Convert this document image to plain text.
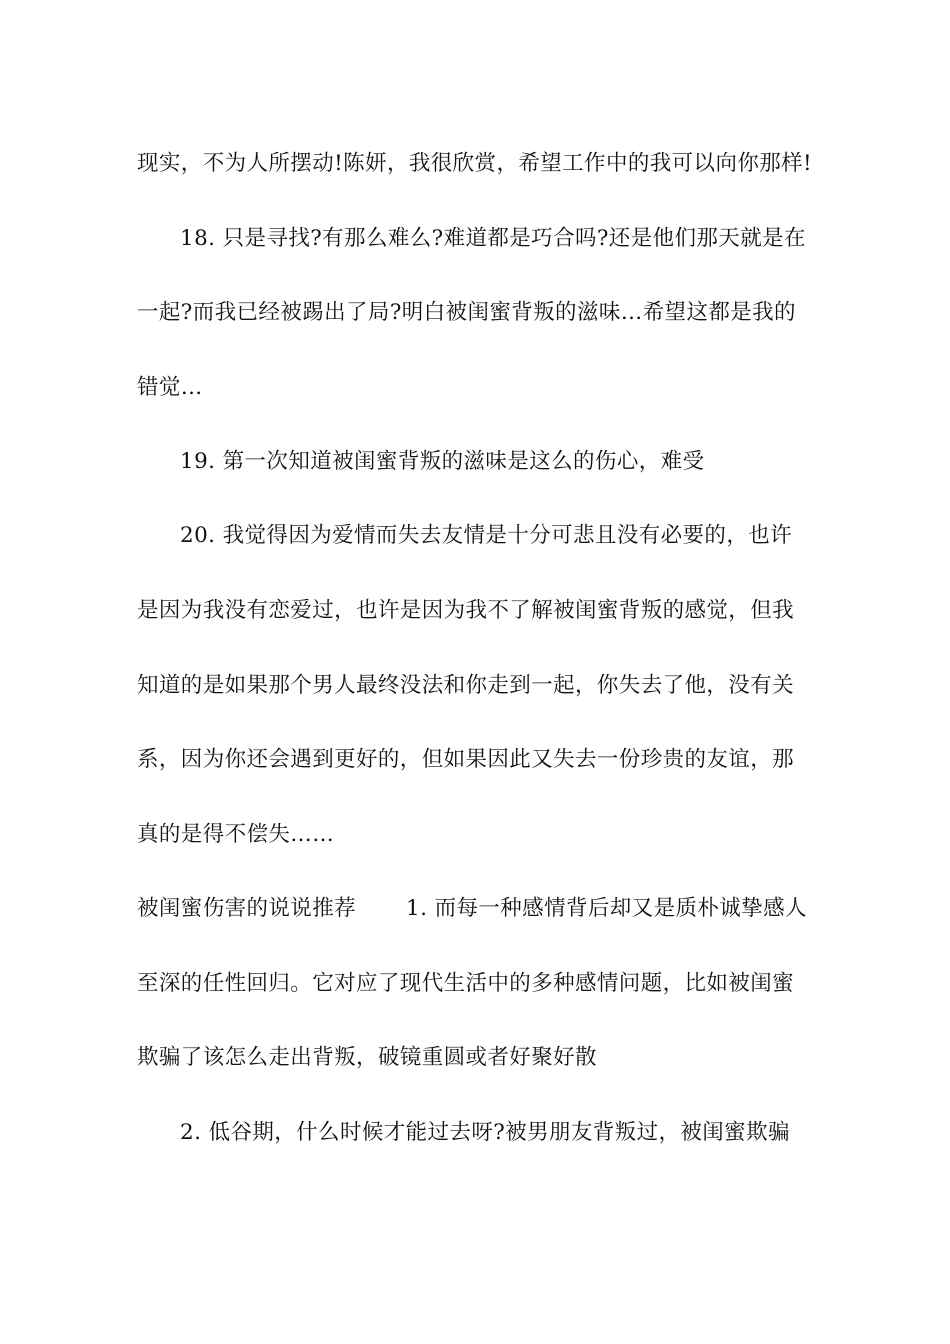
现实，不为人所摆动!陈妍，我很欣赏，希望工作中的我可以向你那样!
18. 只是寻找?有那么难么?难道都是巧合吗?还是他们那天就是在
一起?而我已经被踢出了局?明白被闺蜜背叛的滋味…希望这都是我的
错觉…
19. 第一次知道被闺蜜背叛的滋味是这么的伤心，难受
20. 我觉得因为爱情而失去友情是十分可悲且没有必要的，也许
是因为我没有恋爱过，也许是因为我不了解被闺蜜背叛的感觉，但我
知道的是如果那个男人最终没法和你走到一起，你失去了他，没有关
系，因为你还会遇到更好的，但如果因此又失去一份珍贵的友谊，那
真的是得不偿失……
被闺蜜伤害的说说推荐 1. 而每一种感情背后却又是质朴诚挚感人
至深的任性回归。它对应了现代生活中的多种感情问题，比如被闺蜜
欺骗了该怎么走出背叛，破镜重圆或者好聚好散
2. 低谷期，什么时候才能过去呀?被男朋友背叛过，被闺蜜欺骗
